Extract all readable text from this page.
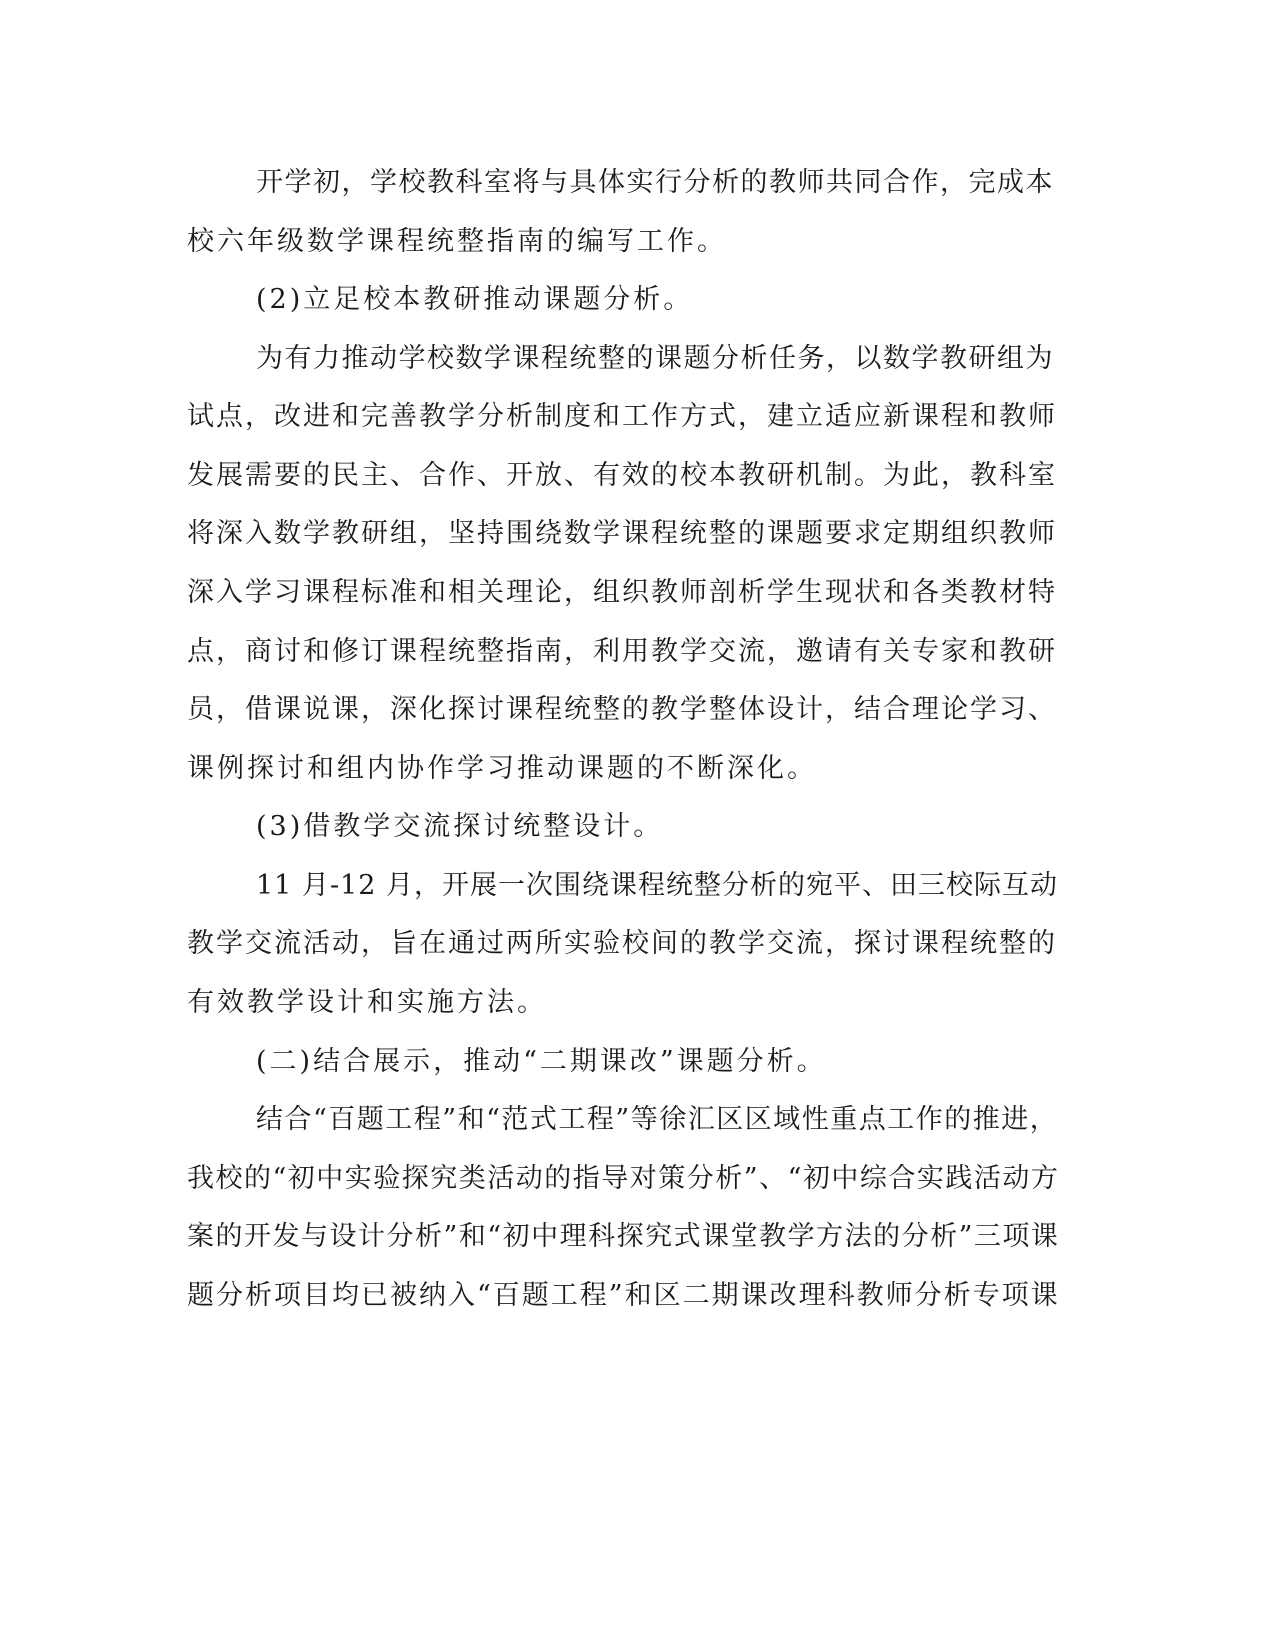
开学初，学校教科室将与具体实行分析的教师共同合作，完成本
校六年级数学课程统整指南的编写工作。
(2)立足校本教研推动课题分析。
为有力推动学校数学课程统整的课题分析任务，以数学教研组为
试点，改进和完善教学分析制度和工作方式，建立适应新课程和教师
发展需要的民主、合作、开放、有效的校本教研机制。为此，教科室
将深入数学教研组，坚持围绕数学课程统整的课题要求定期组织教师
深入学习课程标准和相关理论，组织教师剖析学生现状和各类教材特
点，商讨和修订课程统整指南，利用教学交流，邀请有关专家和教研
员，借课说课，深化探讨课程统整的教学整体设计，结合理论学习、
课例探讨和组内协作学习推动课题的不断深化。
(3)借教学交流探讨统整设计。
11 月-12 月，开展一次围绕课程统整分析的宛平、田三校际互动
教学交流活动，旨在通过两所实验校间的教学交流，探讨课程统整的
有效教学设计和实施方法。
(二)结合展示，推动“二期课改”课题分析。
结合“百题工程”和“范式工程”等徐汇区区域性重点工作的推进，
我校的“初中实验探究类活动的指导对策分析”、“初中综合实践活动方
案的开发与设计分析”和“初中理科探究式课堂教学方法的分析”三项课
题分析项目均已被纳入“百题工程”和区二期课改理科教师分析专项课
